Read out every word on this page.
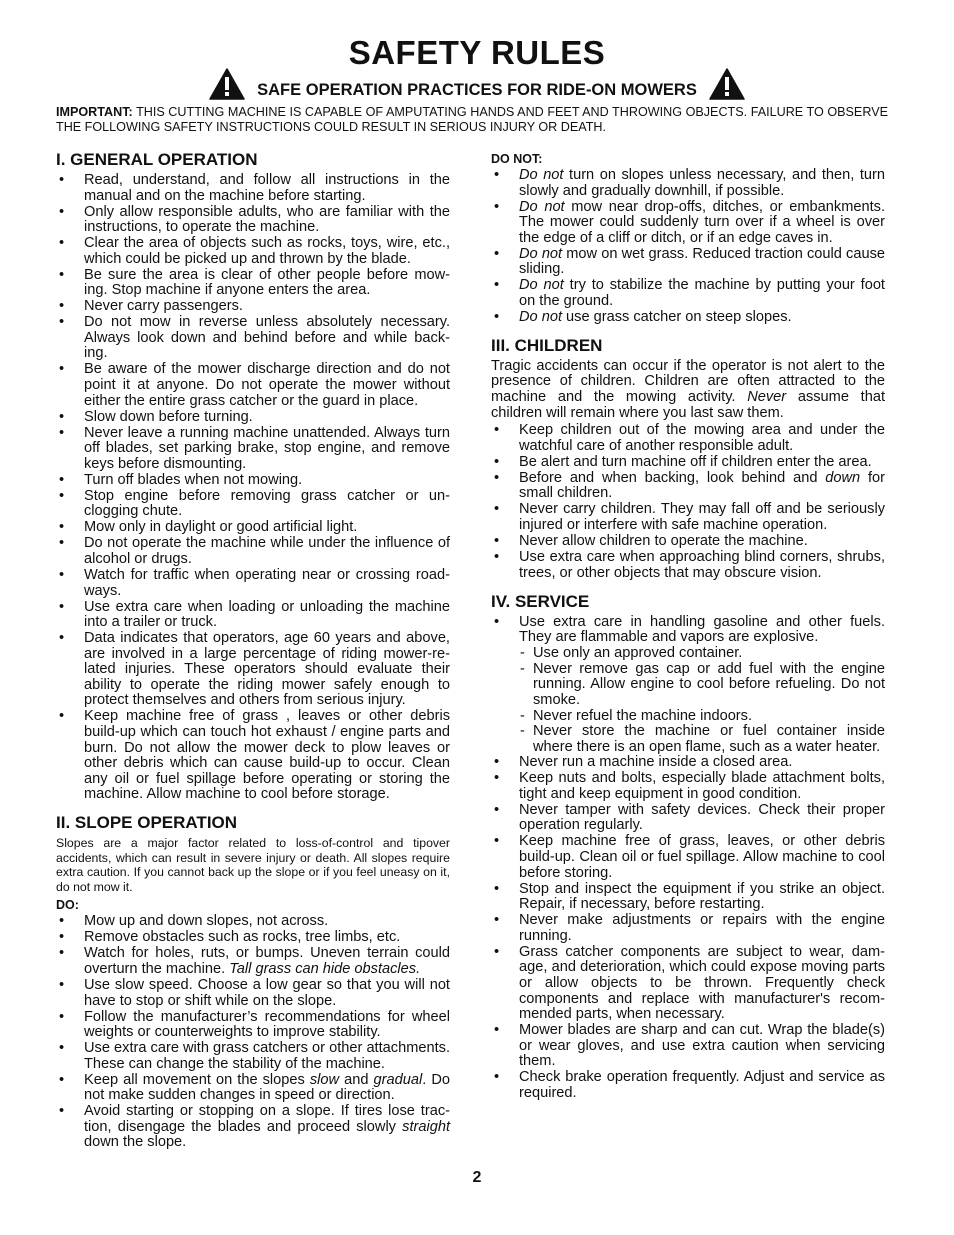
SAFETY RULES
SAFE OPERATION PRACTICES FOR RIDE-ON MOWERS
IMPORTANT: THIS CUTTING MACHINE IS CAPABLE OF AMPUTATING HANDS AND FEET AND THROWING OBJECTS. FAILURE TO OBSERVE THE FOLLOWING SAFETY INSTRUCTIONS COULD RESULT IN SERIOUS INJURY OR DEATH.
I. GENERAL OPERATION
• Read, understand, and follow all instructions in the manual and on the machine before starting.
• Only allow responsible adults, who are familiar with the instructions, to operate the machine.
• Clear the area of objects such as rocks, toys, wire, etc., which could be picked up and thrown by the blade.
• Be sure the area is clear of other people before mow-ing. Stop machine if anyone enters the area.
• Never carry passengers.
• Do not mow in reverse unless absolutely necessary. Always look down and behind before and while back-ing.
• Be aware of the mower discharge direction and do not point it at anyone. Do not operate the mower without either the entire grass catcher or the guard in place.
• Slow down before turning.
• Never leave a running machine unattended. Always turn off blades, set parking brake, stop engine, and remove keys before dismounting.
• Turn off blades when not mowing.
• Stop engine before removing grass catcher or un-clogging chute.
• Mow only in daylight or good artificial light.
• Do not operate the machine while under the influence of alcohol or drugs.
• Watch for traffic when operating near or crossing road-ways.
• Use extra care when loading or unloading the machine into a trailer or truck.
• Data indicates that operators, age 60 years and above, are involved in a large percentage of riding mower-re-lated injuries. These operators should evaluate their ability to operate the riding mower safely enough to protect themselves and others from serious injury.
• Keep machine free of grass , leaves or other debris build-up which can touch hot exhaust / engine parts and burn. Do not allow the mower deck to plow leaves or other debris which can cause build-up to occur. Clean any oil or fuel spillage before operating or storing the machine. Allow machine to cool before storage.
II. SLOPE OPERATION

Slopes are a major factor related to loss-of-control and tipover accidents, which can result in severe injury or death. All slopes require extra caution. If you cannot back up the slope or if you feel uneasy on it, do not mow it.

DO:
• Mow up and down slopes, not across.
• Remove obstacles such as rocks, tree limbs, etc.
• Watch for holes, ruts, or bumps. Uneven terrain could overturn the machine. Tall grass can hide obstacles.
• Use slow speed. Choose a low gear so that you will not have to stop or shift while on the slope.
• Follow the manufacturer’s recommendations for wheel weights or counterweights to improve stability.
• Use extra care with grass catchers or other attachments. These can change the stability of the machine.
• Keep all movement on the slopes slow and gradual. Do not make sudden changes in speed or direction.
• Avoid starting or stopping on a slope. If tires lose trac-tion, disengage the blades and proceed slowly straight down the slope.
DO NOT:
• Do not turn on slopes unless necessary, and then, turn slowly and gradually downhill, if possible.
• Do not mow near drop-offs, ditches, or embankments. The mower could suddenly turn over if a wheel is over the edge of a cliff or ditch, or if an edge caves in.
• Do not mow on wet grass. Reduced traction could cause sliding.
• Do not try to stabilize the machine by putting your foot on the ground.
• Do not use grass catcher on steep slopes.
III. CHILDREN

Tragic accidents can occur if the operator is not alert to the presence of children. Children are often attracted to the machine and the mowing activity. Never assume that children will remain where you last saw them.

• Keep children out of the mowing area and under the watchful care of another responsible adult.
• Be alert and turn machine off if children enter the area.
• Before and when backing, look behind and down for small children.
• Never carry children. They may fall off and be seriously injured or interfere with safe machine operation.
• Never allow children to operate the machine.
• Use extra care when approaching blind corners, shrubs, trees, or other objects that may obscure vision.
IV. SERVICE
• Use extra care in handling gasoline and other fuels. They are flammable and vapors are explosive.
- Use only an approved container.
- Never remove gas cap or add fuel with the engine running. Allow engine to cool before refueling. Do not smoke.
- Never refuel the machine indoors.
- Never store the machine or fuel container inside where there is an open flame, such as a water heater.
• Never run a machine inside a closed area.
• Keep nuts and bolts, especially blade attachment bolts, tight and keep equipment in good condition.
• Never tamper with safety devices. Check their proper operation regularly.
• Keep machine free of grass, leaves, or other debris build-up. Clean oil or fuel spillage. Allow machine to cool before storing.
• Stop and inspect the equipment if you strike an object. Repair, if necessary, before restarting.
• Never make adjustments or repairs with the engine running.
• Grass catcher components are subject to wear, dam-age, and deterioration, which could expose moving parts or allow objects to be thrown. Frequently check components and replace with manufacturer's recom-mended parts, when necessary.
• Mower blades are sharp and can cut. Wrap the blade(s) or wear gloves, and use extra caution when servicing them.
• Check brake operation frequently. Adjust and service as required.
2
